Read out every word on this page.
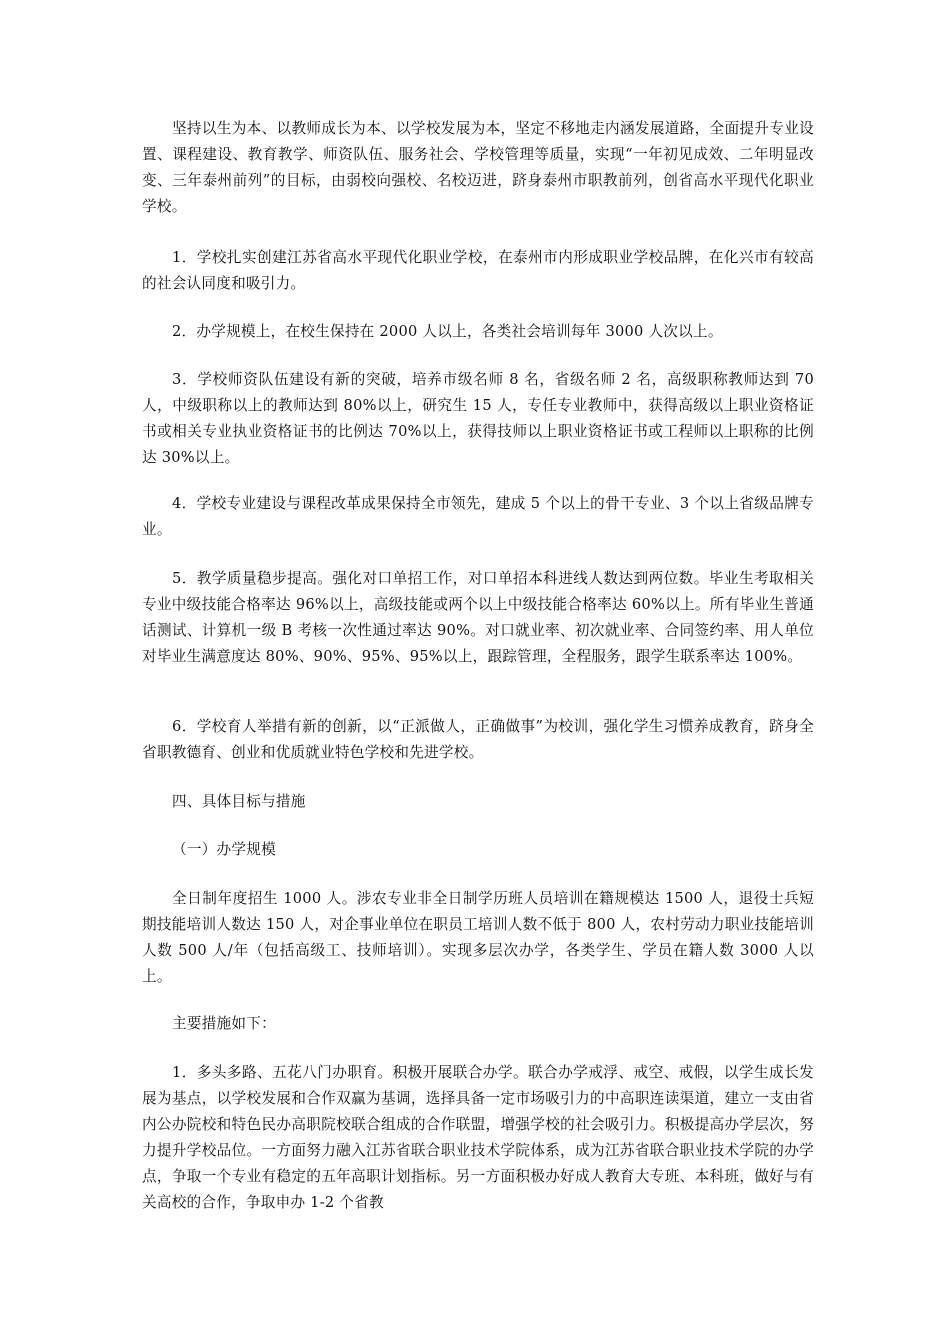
坚持以生为本、以教师成长为本、以学校发展为本，坚定不移地走内涵发展道路，全面提升专业设置、课程建设、教育教学、师资队伍、服务社会、学校管理等质量，实现“一年初见成效、二年明显改变、三年泰州前列”的目标，由弱校向强校、名校迈进，跻身泰州市职教前列，创省高水平现代化职业学校。

1．学校扎实创建江苏省高水平现代化职业学校，在泰州市内形成职业学校品牌，在化兴市有较高的社会认同度和吸引力。

2．办学规模上，在校生保持在 2000 人以上，各类社会培训每年 3000 人次以上。

3．学校师资队伍建设有新的突破，培养市级名师 8 名，省级名师 2 名，高级职称教师达到 70 人，中级职称以上的教师达到 80%以上，研究生 15 人，专任专业教师中，获得高级以上职业资格证书或相关专业执业资格证书的比例达 70%以上，获得技师以上职业资格证书或工程师以上职称的比例达 30%以上。

4．学校专业建设与课程改革成果保持全市领先，建成 5 个以上的骨干专业、3 个以上省级品牌专业。

5．教学质量稳步提高。强化对口单招工作，对口单招本科进线人数达到两位数。毕业生考取相关专业中级技能合格率达 96%以上，高级技能或两个以上中级技能合格率达 60%以上。所有毕业生普通话测试、计算机一级 B 考核一次性通过率达 90%。对口就业率、初次就业率、合同签约率、用人单位对毕业生满意度达 80%、90%、95%、95%以上，跟踪管理，全程服务，跟学生联系率达 100%。

6．学校育人举措有新的创新，以“正派做人，正确做事”为校训，强化学生习惯养成教育，跻身全省职教德育、创业和优质就业特色学校和先进学校。

四、具体目标与措施

（一）办学规模

全日制年度招生 1000 人。涉农专业非全日制学历班人员培训在籍规模达 1500 人，退役士兵短期技能培训人数达 150 人，对企事业单位在职员工培训人数不低于 800 人，农村劳动力职业技能培训人数 500 人/年（包括高级工、技师培训）。实现多层次办学，各类学生、学员在籍人数 3000 人以上。

主要措施如下：

1．多头多路、五花八门办职育。积极开展联合办学。联合办学戒浮、戒空、戒假，以学生成长发展为基点，以学校发展和合作双赢为基调，选择具备一定市场吸引力的中高职连读渠道，建立一支由省内公办院校和特色民办高职院校联合组成的合作联盟，增强学校的社会吸引力。积极提高办学层次，努力提升学校品位。一方面努力融入江苏省联合职业技术学院体系，成为江苏省联合职业技术学院的办学点，争取一个专业有稳定的五年高职计划指标。另一方面积极办好成人教育大专班、本科班，做好与有关高校的合作，争取申办 1-2 个省教
